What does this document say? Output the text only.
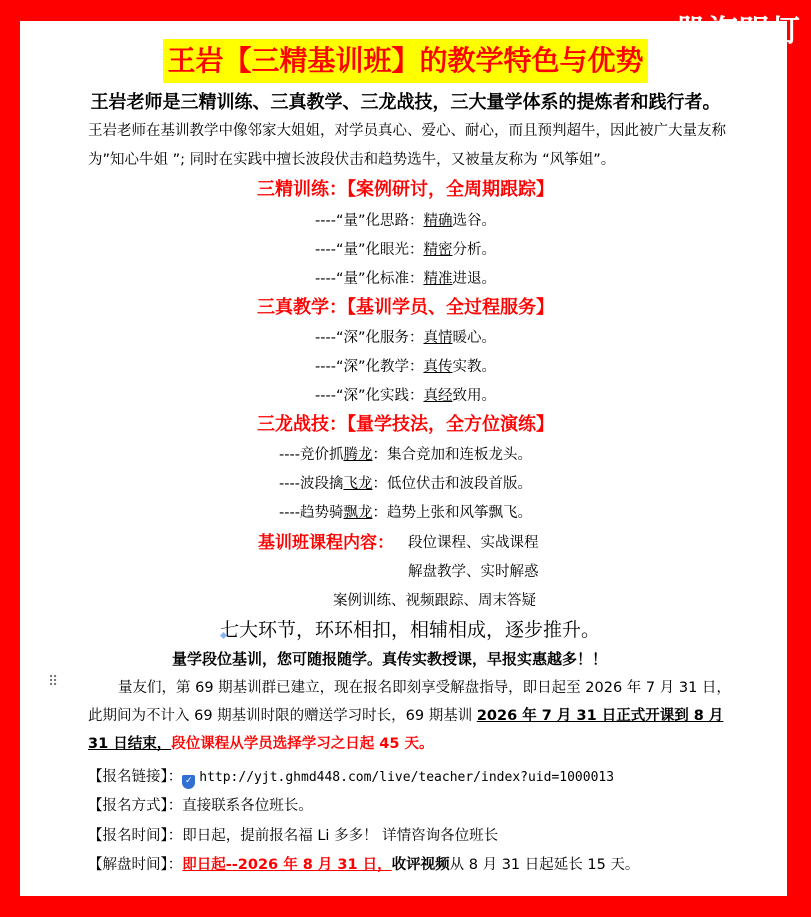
股海明灯
王岩【三精基训班】的教学特色与优势
王岩老师是三精训练、三真教学、三龙战技，三大量学体系的提炼者和践行者。
王岩老师在基训教学中像邻家大姐姐，对学员真心、爱心、耐心，而且预判超牛，因此被广大量友称为”知心牛姐 ”; 同时在实践中擅长波段伏击和趋势选牛，又被量友称为 “风筝姐”。
三精训练：【案例研讨，全周期跟踪】
----“量”化思路：精确选谷。
----“量”化眼光：精密分析。
----“量”化标准：精准进退。
三真教学：【基训学员、全过程服务】
----“深”化服务：真情暖心。
----“深”化教学：真传实教。
----“深”化实践：真经致用。
三龙战技：【量学技法，全方位演练】
----竞价抓腾龙：集合竞加和连板龙头。
----波段擒飞龙：低位伏击和波段首版。
----趋势骑飘龙：趋势上张和风筝飘飞。
基训班课程内容： 段位课程、实战课程
解盘教学、实时解惑
案例训练、视频跟踪、周末答疑
七大环节，环环相扣，相辅相成，逐步推升。
量学段位基训，您可随报随学。真传实教授课，早报实惠越多！！
⠿	量友们，第 69 期基训群已建立，现在报名即刻享受解盘指导，即日起至 2026 年 7 月 31 日，此期间为不计入 69 期基训时限的赠送学习时长，69 期基训 2026 年 7 月 31 日正式开课到 8 月 31 日结束，段位课程从学员选择学习之日起 45 天。
【报名链接】： ✓ http://yjt.ghmd448.com/live/teacher/index?uid=1000013
【报名方式】：直接联系各位班长。
【报名时间】：即日起，提前报名福 Li 多多！ 详情咨询各位班长
【解盘时间】：即日起--2026 年 8 月 31 日，收评视频从 8 月 31 日起延长 15 天。
